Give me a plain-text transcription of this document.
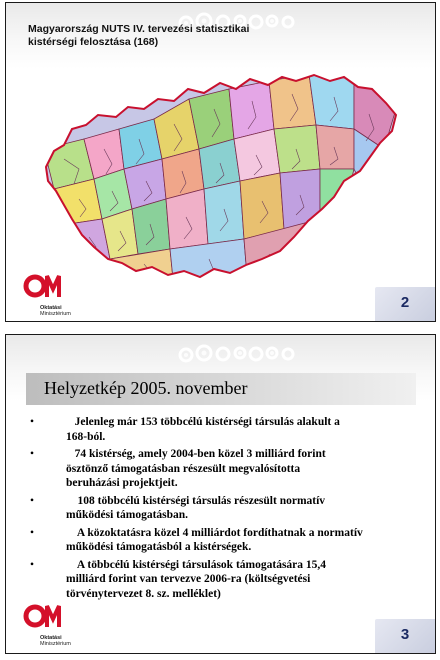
Magyarország NUTS IV. tervezési statisztikai
kistérségi felosztása (168)
Oktatási
Minisztérium
2
Helyzetkép 2005. november
•	Jelenleg már 153 többcélú kistérségi társulás alakult a
168-ból.
•	74 kistérség, amely 2004-ben közel 3 milliárd forint
ösztönző támogatásban részesült megvalósította
beruházási projektjeit.
•	108 többcélú kistérségi társulás részesült normatív
működési támogatásban.
•	A közoktatásra közel 4 milliárdot fordíthatnak a normatív
működési támogatásból a kistérségek.
•	A többcélú kistérségi társulások támogatására 15,4
milliárd forint van tervezve 2006-ra (költségvetési
törvénytervezet 8. sz. melléklet)
Oktatási
Minisztérium
3
